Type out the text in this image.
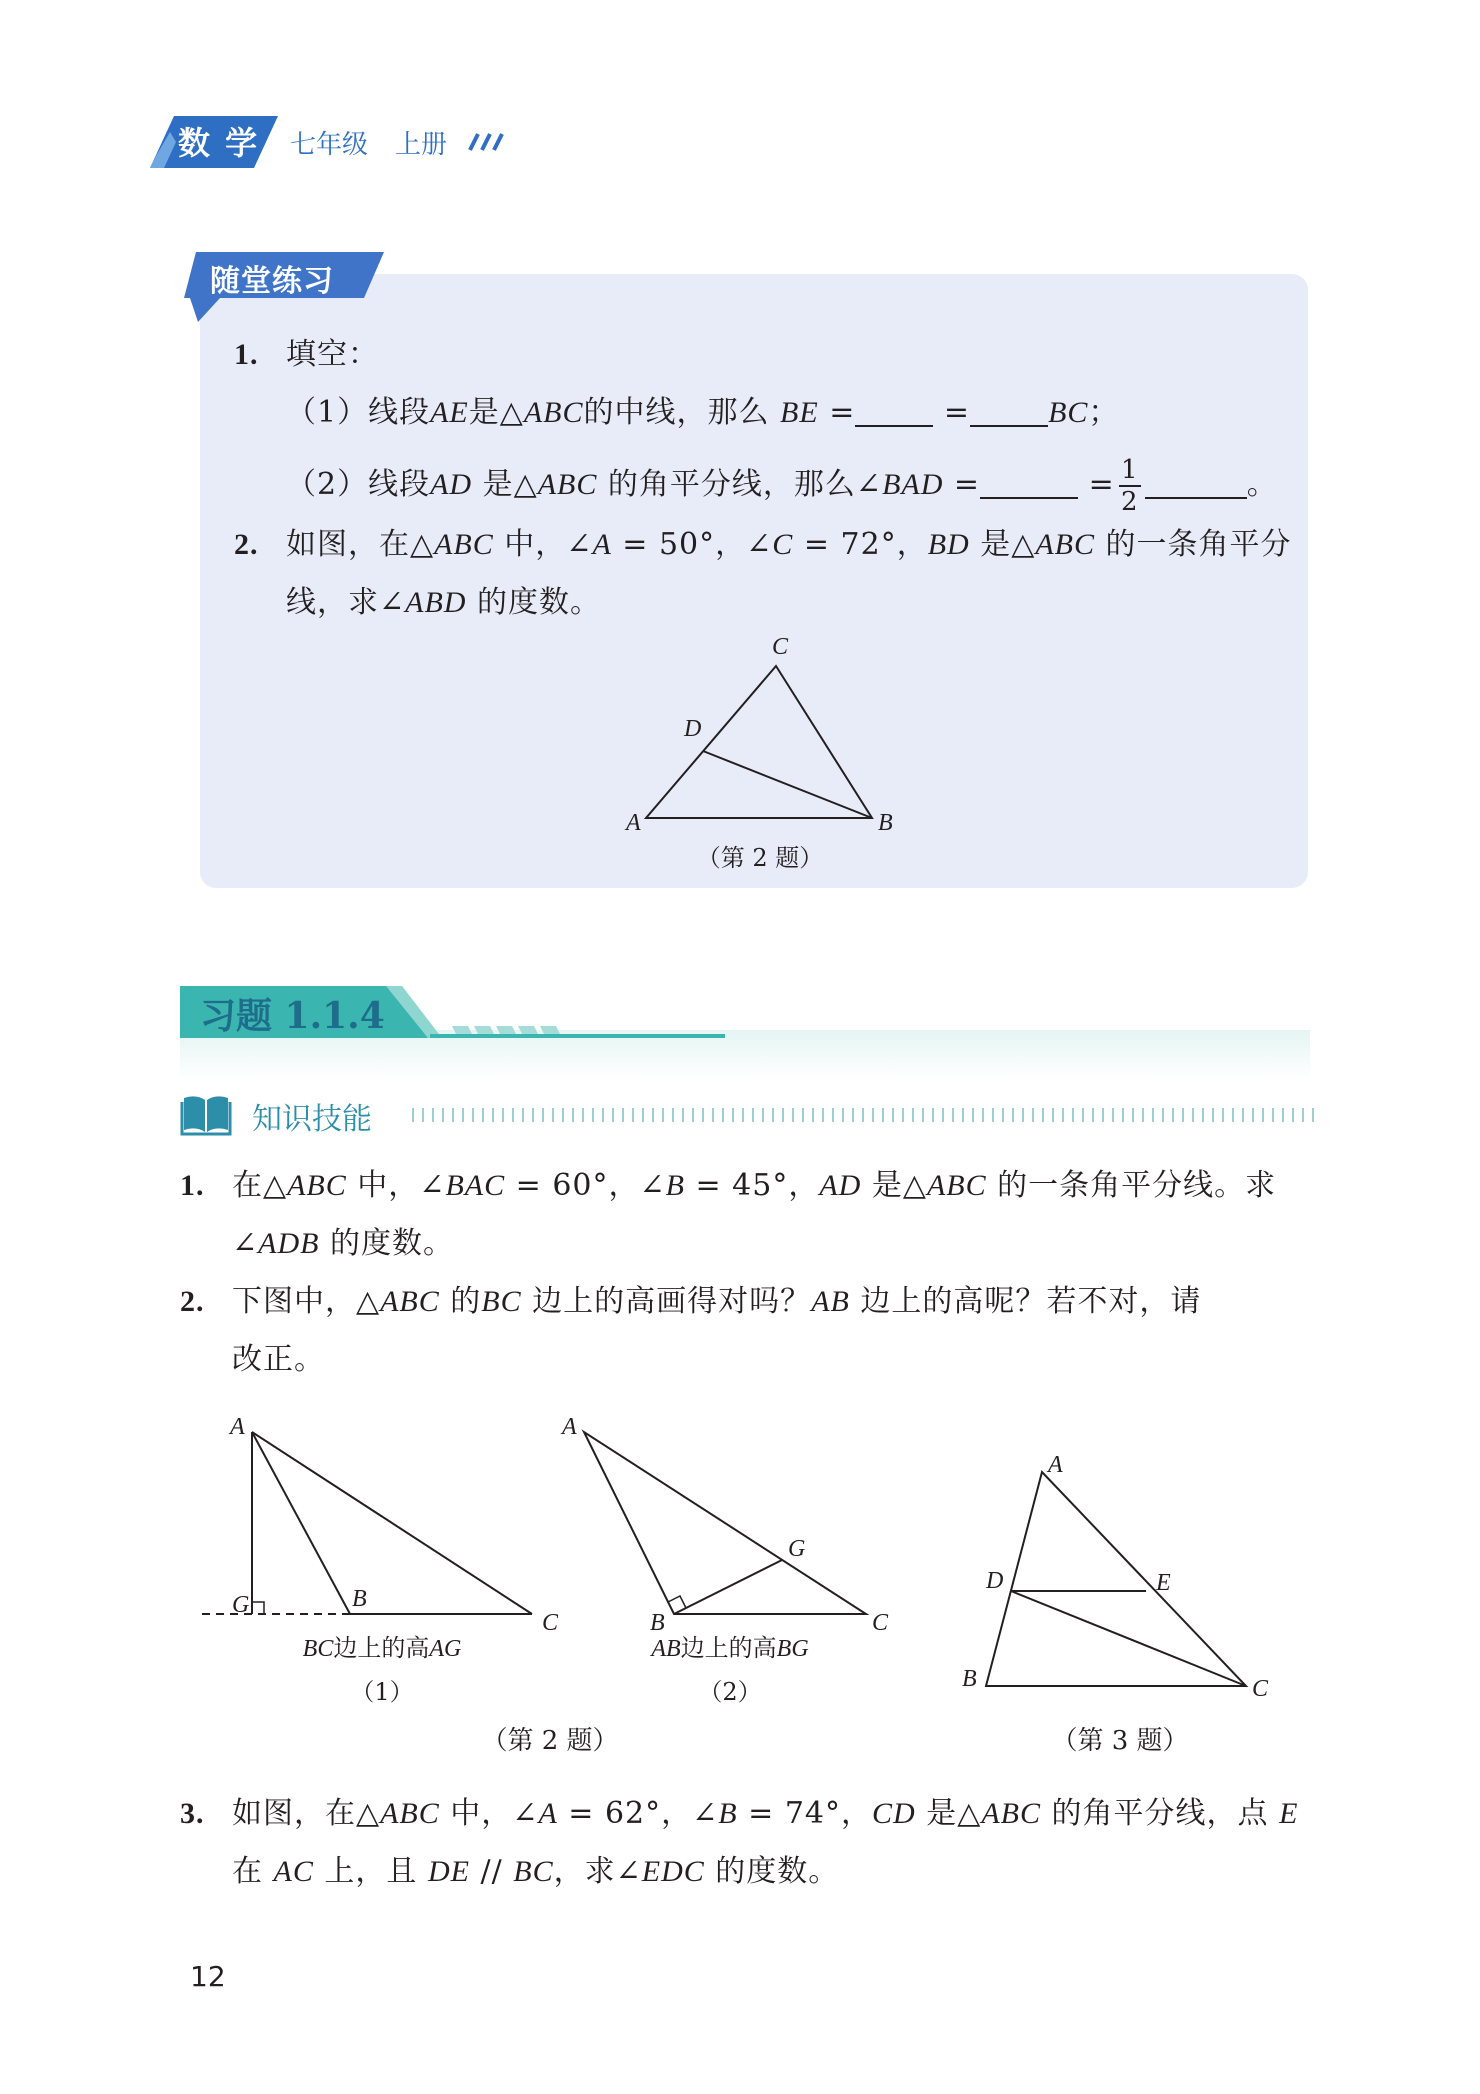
数 学 七年级 上册
随堂练习
1. 填空：
（1）线段AE是△ABC的中线，那么 BE =	=	BC；
（2）线段AD 是△ABC 的角平分线，那么∠BAD =	= $\frac{1}{2}$	。
2. 如图，在△ABC 中，∠A = 50°，∠C = 72°，BD 是△ABC 的一条角平分
线，求∠ABD 的度数。
C
D
A	B
（第 2 题）
习题 1.1.4
知识技能
1. 在△ABC 中，∠BAC = 60°，∠B = 45°，AD 是△ABC 的一条角平分线。求
∠ADB 的度数。
2. 下图中，△ABC 的BC 边上的高画得对吗？AB 边上的高呢？若不对，请
改正。
A
G	B
C
BC边上的高AG
（1）
A
G
B	C
AB边上的高BG
（2）
（第 2 题）
A
D	E
B	C
（第 3 题）
3. 如图，在△ABC 中，∠A = 62°，∠B = 74°，CD 是△ABC 的角平分线，点 E
在 AC 上，且 DE // BC，求∠EDC 的度数。
12
